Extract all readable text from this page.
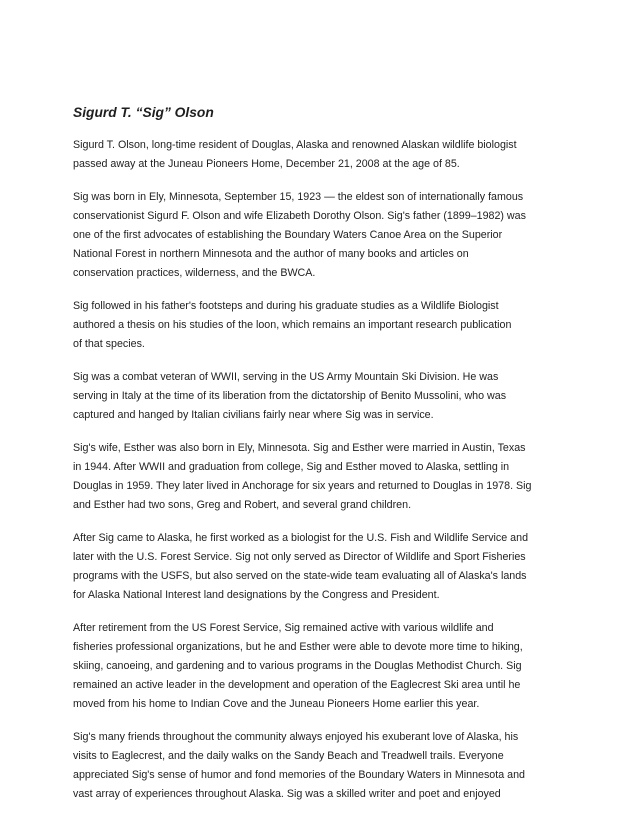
Sigurd T. “Sig” Olson
Sigurd T. Olson, long-time resident of Douglas, Alaska and renowned Alaskan wildlife biologist
passed away at the Juneau Pioneers Home, December 21, 2008 at the age of 85.
Sig was born in Ely, Minnesota, September 15, 1923 — the eldest son of internationally famous
conservationist Sigurd F. Olson and wife Elizabeth Dorothy Olson. Sig's father (1899–1982) was
one of the first advocates of establishing the Boundary Waters Canoe Area on the Superior
National Forest in northern Minnesota and the author of many books and articles on
conservation practices, wilderness, and the BWCA.
Sig followed in his father's footsteps and during his graduate studies as a Wildlife Biologist
authored a thesis on his studies of the loon, which remains an important research publication
of that species.
Sig was a combat veteran of WWII, serving in the US Army Mountain Ski Division. He was
serving in Italy at the time of its liberation from the dictatorship of Benito Mussolini, who was
captured and hanged by Italian civilians fairly near where Sig was in service.
Sig's wife, Esther was also born in Ely, Minnesota. Sig and Esther were married in Austin, Texas
in 1944. After WWII and graduation from college, Sig and Esther moved to Alaska, settling in
Douglas in 1959. They later lived in Anchorage for six years and returned to Douglas in 1978. Sig
and Esther had two sons, Greg and Robert, and several grand children.
After Sig came to Alaska, he first worked as a biologist for the U.S. Fish and Wildlife Service and
later with the U.S. Forest Service. Sig not only served as Director of Wildlife and Sport Fisheries
programs with the USFS, but also served on the state-wide team evaluating all of Alaska's lands
for Alaska National Interest land designations by the Congress and President.
After retirement from the US Forest Service, Sig remained active with various wildlife and
fisheries professional organizations, but he and Esther were able to devote more time to hiking,
skiing, canoeing, and gardening and to various programs in the Douglas Methodist Church. Sig
remained an active leader in the development and operation of the Eaglecrest Ski area until he
moved from his home to Indian Cove and the Juneau Pioneers Home earlier this year.
Sig's many friends throughout the community always enjoyed his exuberant love of Alaska, his
visits to Eaglecrest, and the daily walks on the Sandy Beach and Treadwell trails. Everyone
appreciated Sig's sense of humor and fond memories of the Boundary Waters in Minnesota and
vast array of experiences throughout Alaska. Sig was a skilled writer and poet and enjoyed
